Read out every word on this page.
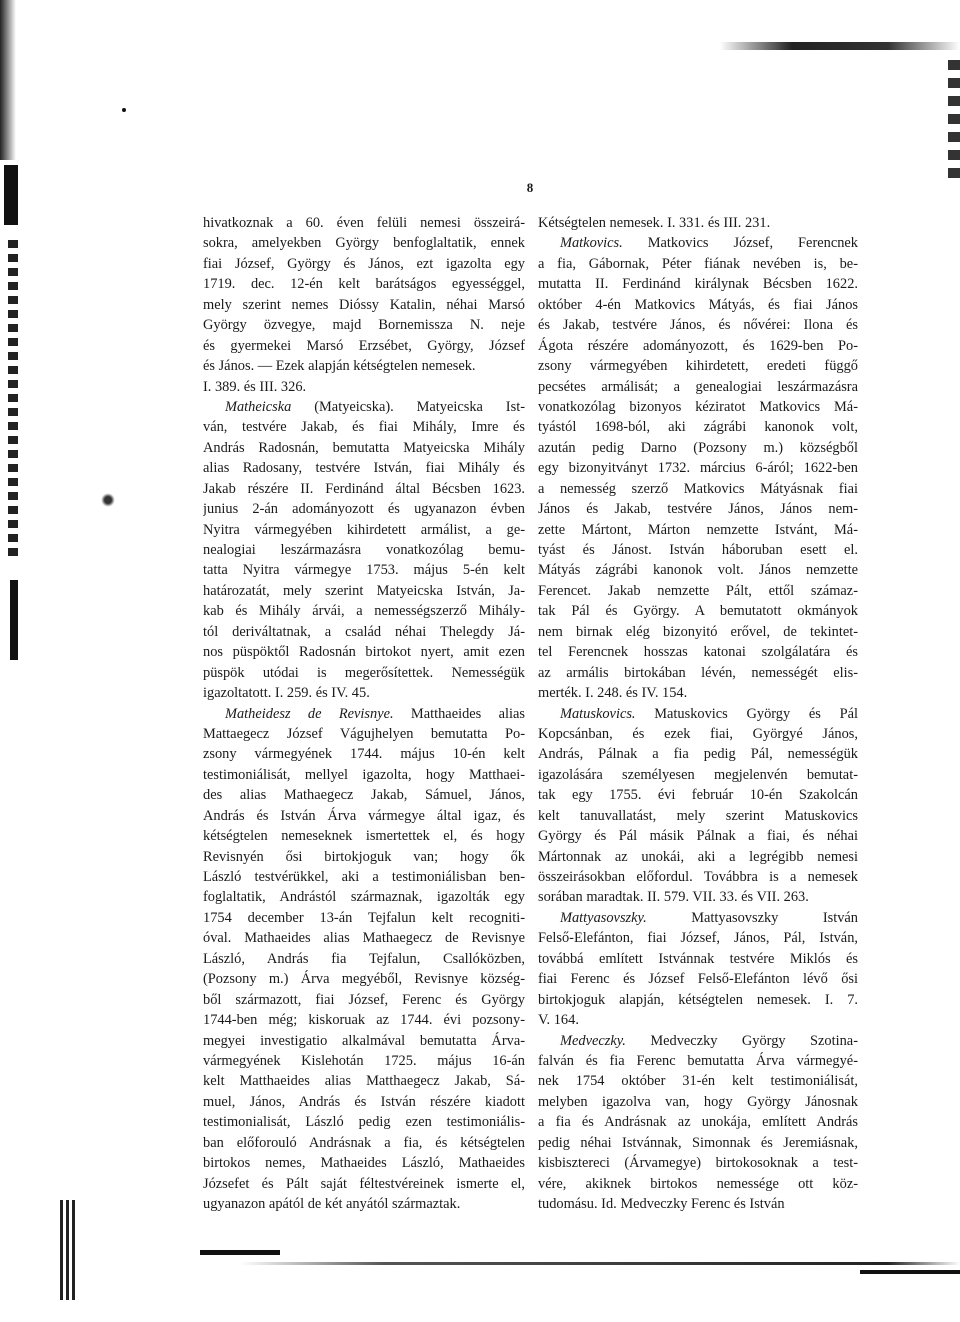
8
hivatkoznak a 60. éven felüli nemesi összeirá-
sokra, amelyekben György benfoglaltatik, ennek
fiai József, György és János, ezt igazolta egy
1719. dec. 12-én kelt barátságos egyességgel,
mely szerint nemes Dióssy Katalin, néhai Marsó
György özvegye, majd Bornemissza N. neje
és gyermekei Marsó Erzsébet, György, József
és János. — Ezek alapján kétségtelen nemesek.
I. 389. és III. 326.
Matheicska (Matyeicska). Matyeicska Ist-
ván, testvére Jakab, és fiai Mihály, Imre és
András Radosnán, bemutatta Matyeicska Mihály
alias Radosany, testvére István, fiai Mihály és
Jakab részére II. Ferdinánd által Bécsben 1623.
junius 2-án adományozott és ugyanazon évben
Nyitra vármegyében kihirdetett armálist, a ge-
nealogiai leszármazásra vonatkozólag bemu-
tatta Nyitra vármegye 1753. május 5-én kelt
határozatát, mely szerint Matyeicska István, Ja-
kab és Mihály árvái, a nemességszerző Mihály-
tól deriváltatnak, a család néhai Thelegdy Já-
nos püspöktől Radosnán birtokot nyert, amit ezen
püspök utódai is megerősítettek. Nemességük
igazoltatott. I. 259. és IV. 45.
Matheidesz de Revisnye. Matthaeides alias
Mattaegecz József Vágujhelyen bemutatta Po-
zsony vármegyének 1744. május 10-én kelt
testimoniálisát, mellyel igazolta, hogy Matthaei-
des alias Mathaegecz Jakab, Sámuel, János,
András és István Árva vármegye által igaz, és
kétségtelen nemeseknek ismertettek el, és hogy
Revisnyén ősi birtokjoguk van; hogy ők
László testvérükkel, aki a testimoniálisban ben-
foglaltatik, Andrástól származnak, igazolták egy
1754 december 13-án Tejfalun kelt recogniti-
óval. Mathaeides alias Mathaegecz de Revisnye
László, András fia Tejfalun, Csallóközben,
(Pozsony m.) Árva megyéből, Revisnye község-
ből származott, fiai József, Ferenc és György
1744-ben még; kiskoruak az 1744. évi pozsony-
megyei investigatio alkalmával bemutatta Árva-
vármegyének Kislehotán 1725. május 16-án
kelt Matthaeides alias Matthaegecz Jakab, Sá-
muel, János, András és István részére kiadott
testimonialisát, László pedig ezen testimoniális-
ban előforouló Andrásnak a fia, és kétségtelen
birtokos nemes, Mathaeides László, Mathaeides
Józsefet és Pált saját féltestvéreinek ismerte el,
ugyanazon apától de két anyától származtak.
Kétségtelen nemesek. I. 331. és III. 231.
Matkovics. Matkovics József, Ferencnek
a fia, Gábornak, Péter fiának nevében is, be-
mutatta II. Ferdinánd királynak Bécsben 1622.
október 4-én Matkovics Mátyás, és fiai János
és Jakab, testvére János, és nővérei: Ilona és
Ágota részére adományozott, és 1629-ben Po-
zsony vármegyében kihirdetett, eredeti függő
pecsétes armálisát; a genealogiai leszármazásra
vonatkozólag bizonyos kéziratot Matkovics Má-
tyástól 1698-ból, aki zágrábi kanonok volt,
azután pedig Darno (Pozsony m.) községből
egy bizonyitványt 1732. március 6-áról; 1622-ben
a nemesség szerző Matkovics Mátyásnak fiai
János és Jakab, testvére János, János nem-
zette Mártont, Márton nemzette Istvánt, Má-
tyást és Jánost. István háboruban esett el.
Mátyás zágrábi kanonok volt. János nemzette
Ferencet. Jakab nemzette Pált, ettől számaz-
tak Pál és György. A bemutatott okmányok
nem birnak elég bizonyitó erővel, de tekintet-
tel Ferencnek hosszas katonai szolgálatára és
az armális birtokában lévén, nemességét elis-
merték. I. 248. és IV. 154.
Matuskovics. Matuskovics György és Pál
Kopcsánban, és ezek fiai, Györgyé János,
András, Pálnak a fia pedig Pál, nemességük
igazolására személyesen megjelenvén bemutat-
tak egy 1755. évi február 10-én Szakolcán
kelt tanuvallatást, mely szerint Matuskovics
György és Pál másik Pálnak a fiai, és néhai
Mártonnak az unokái, aki a legrégibb nemesi
összeirásokban előfordul. Továbbra is a nemesek
sorában maradtak. II. 579. VII. 33. és VII. 263.
Mattyasovszky. Mattyasovszky István
Felső-Elefánton, fiai József, János, Pál, István,
továbbá említett Istvánnak testvére Miklós és
fiai Ferenc és József Felső-Elefánton lévő ősi
birtokjoguk alapján, kétségtelen nemesek. I. 7.
V. 164.
Medveczky. Medveczky György Szotina-
falván és fia Ferenc bemutatta Árva vármegyé-
nek 1754 október 31-én kelt testimoniálisát,
melyben igazolva van, hogy György Jánosnak
a fia és Andrásnak az unokája, említett András
pedig néhai Istvánnak, Simonnak és Jeremiásnak,
kisbisztereci (Árvamegye) birtokosoknak a test-
vére, akiknek birtokos nemessége ott köz-
tudomásu. Id. Medveczky Ferenc és István
